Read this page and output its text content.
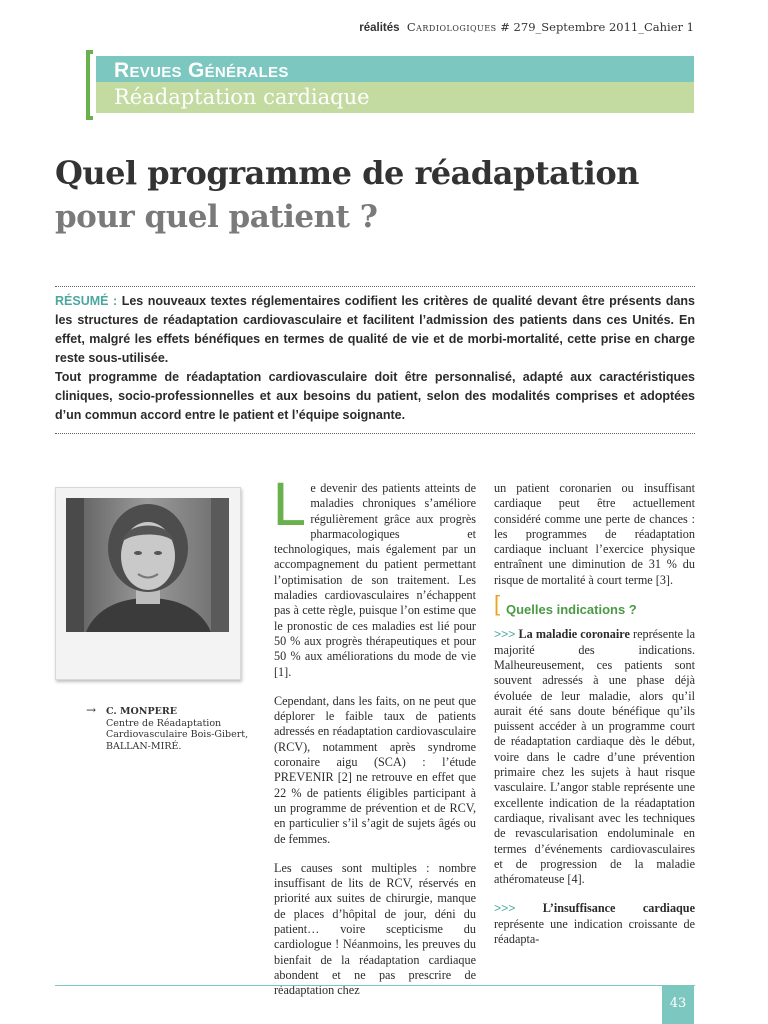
réalités Cardiologiques # 279_Septembre 2011_Cahier 1
Revues Générales
Réadaptation cardiaque
Quel programme de réadaptation
pour quel patient ?

RÉSUMÉ : Les nouveaux textes réglementaires codifient les critères de qualité devant être présents dans les structures de réadaptation cardiovasculaire et facilitent l’admission des patients dans ces Unités. En effet, malgré les effets bénéfiques en termes de qualité de vie et de morbi-mortalité, cette prise en charge reste sous-utilisée.

Tout programme de réadaptation cardiovasculaire doit être personnalisé, adapté aux caractéristiques cliniques, socio-professionnelles et aux besoins du patient, selon des modalités comprises et adoptées d’un commun accord entre le patient et l’équipe soignante.

→ C. MONPERE
Centre de Réadaptation
Cardiovasculaire Bois-Gibert,
BALLAN-MIRÉ.

Le devenir des patients atteints de maladies chroniques s’améliore régulièrement grâce aux progrès pharmacologiques et technologiques, mais également par un accompagnement du patient permettant l’optimisation de son traitement. Les maladies cardiovasculaires n’échappent pas à cette règle, puisque l’on estime que le pronostic de ces maladies est lié pour 50 % aux progrès thérapeutiques et pour 50 % aux améliorations du mode de vie [1].

Cependant, dans les faits, on ne peut que déplorer le faible taux de patients adressés en réadaptation cardiovasculaire (RCV), notamment après syndrome coronaire aigu (SCA) : l’étude PREVENIR [2] ne retrouve en effet que 22 % de patients éligibles participant à un programme de prévention et de RCV, en particulier s’il s’agit de sujets âgés ou de femmes.

Les causes sont multiples : nombre insuffisant de lits de RCV, réservés en priorité aux suites de chirurgie, manque de places d’hôpital de jour, déni du patient… voire scepticisme du cardiologue ! Néanmoins, les preuves du bienfait de la réadaptation cardiaque abondent et ne pas prescrire de réadaptation chez

un patient coronarien ou insuffisant cardiaque peut être actuellement considéré comme une perte de chances : les programmes de réadaptation cardiaque incluant l’exercice physique entraînent une diminution de 31 % du risque de mortalité à court terme [3].

[ Quelles indications ?

>>> La maladie coronaire représente la majorité des indications. Malheureusement, ces patients sont souvent adressés à une phase déjà évoluée de leur maladie, alors qu’il aurait été sans doute bénéfique qu’ils puissent accéder à un programme court de réadaptation cardiaque dès le début, voire dans le cadre d’une prévention primaire chez les sujets à haut risque vasculaire. L’angor stable représente une excellente indication de la réadaptation cardiaque, rivalisant avec les techniques de revascularisation endoluminale en termes d’événements cardiovasculaires et de progression de la maladie athéromateuse [4].

>>> L’insuffisance cardiaque représente une indication croissante de réadapta-

43
